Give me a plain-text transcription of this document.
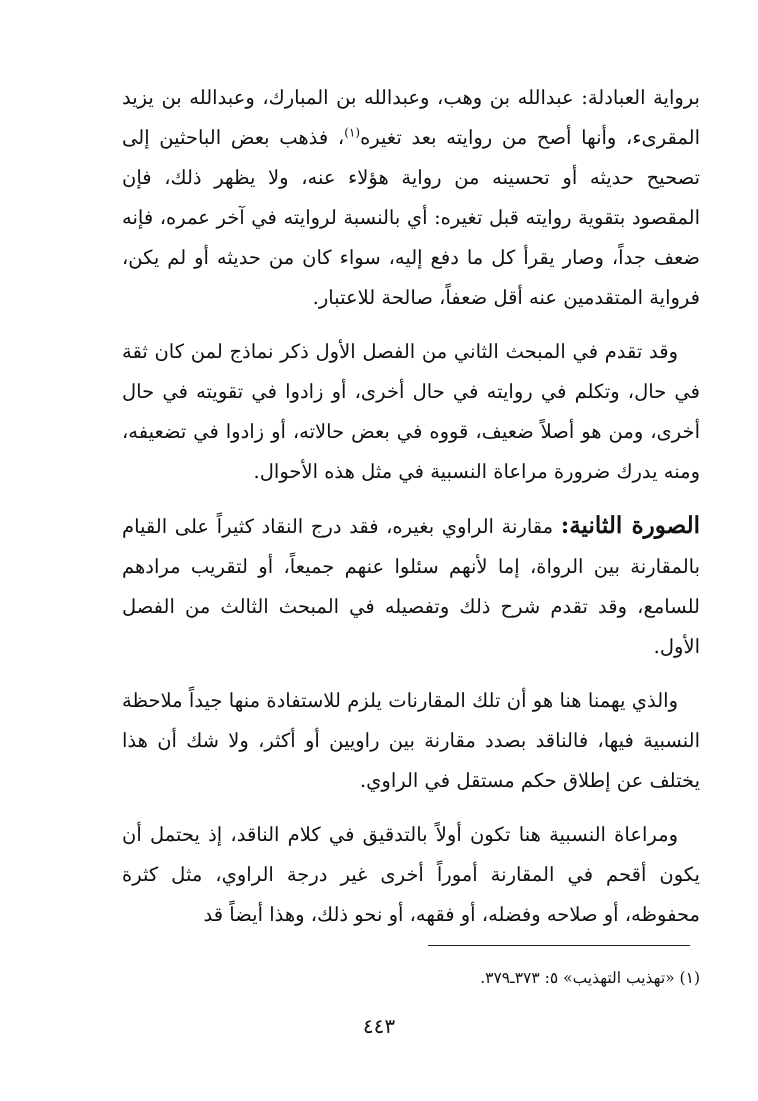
برواية العبادلة: عبدالله بن وهب، وعبدالله بن المبارك، وعبدالله بن يزيد المقرىء، وأنها أصح من روايته بعد تغيره$^{(١)}$، فذهب بعض الباحثين إلى تصحيح حديثه أو تحسينه من رواية هؤلاء عنه، ولا يظهر ذلك، فإن المقصود بتقوية روايته قبل تغيره: أي بالنسبة لروايته في آخر عمره، فإنه ضعف جداً، وصار يقرأ كل ما دفع إليه، سواء كان من حديثه أو لم يكن، فرواية المتقدمين عنه أقل ضعفاً، صالحة للاعتبار.

وقد تقدم في المبحث الثاني من الفصل الأول ذكر نماذج لمن كان ثقة في حال، وتكلم في روايته في حال أخرى، أو زادوا في تقويته في حال أخرى، ومن هو أصلاً ضعيف، قووه في بعض حالاته، أو زادوا في تضعيفه، ومنه يدرك ضرورة مراعاة النسبية في مثل هذه الأحوال.

الصورة الثانية: مقارنة الراوي بغيره، فقد درج النقاد كثيراً على القيام بالمقارنة بين الرواة، إما لأنهم سئلوا عنهم جميعاً، أو لتقريب مرادهم للسامع، وقد تقدم شرح ذلك وتفصيله في المبحث الثالث من الفصل الأول.

والذي يهمنا هنا هو أن تلك المقارنات يلزم للاستفادة منها جيداً ملاحظة النسبية فيها، فالناقد بصدد مقارنة بين راويين أو أكثر، ولا شك أن هذا يختلف عن إطلاق حكم مستقل في الراوي.

ومراعاة النسبية هنا تكون أولاً بالتدقيق في كلام الناقد، إذ يحتمل أن يكون أقحم في المقارنة أموراً أخرى غير درجة الراوي، مثل كثرة محفوظه، أو صلاحه وفضله، أو فقهه، أو نحو ذلك، وهذا أيضاً قد

(١) «تهذيب التهذيب» ٥: ٣٧٣ـ٣٧٩.
٤٤٣
